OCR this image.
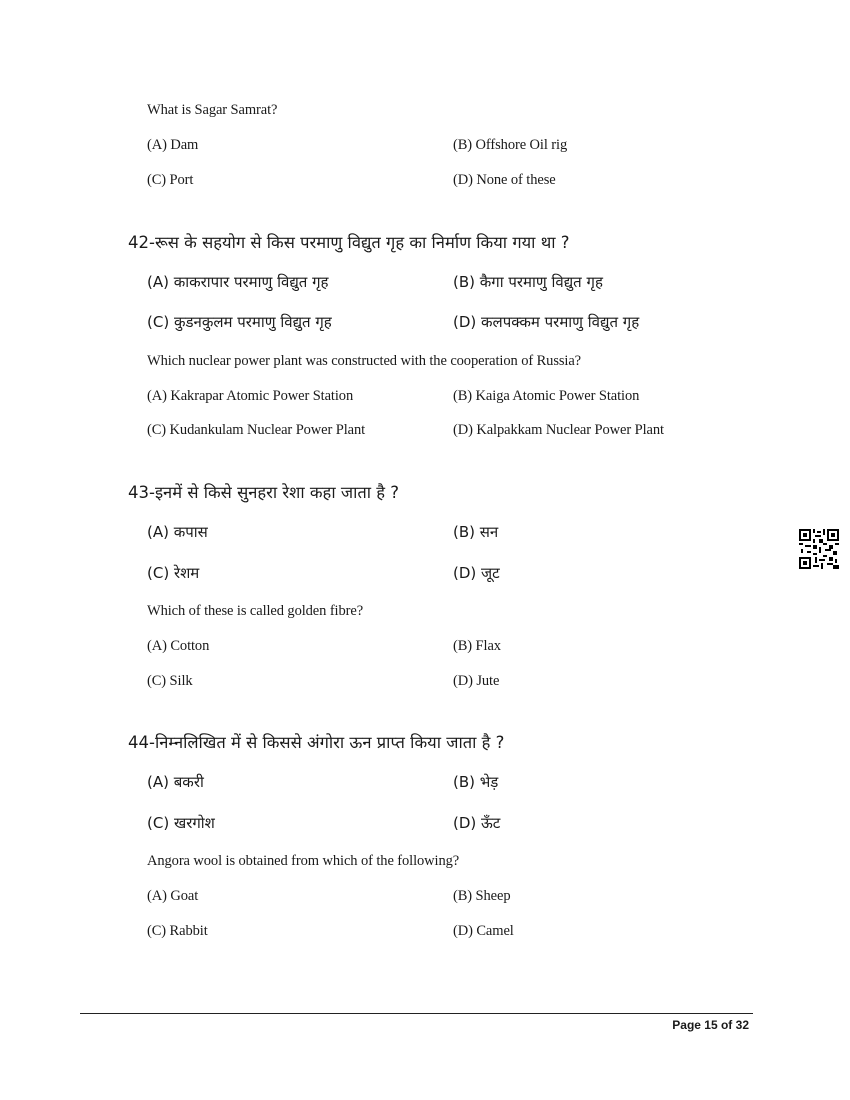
What is Sagar Samrat?
(A) Dam	(B) Offshore Oil rig
(C) Port	(D) None of these
42-रूस के सहयोग से किस परमाणु विद्युत गृह का निर्माण किया गया था ?
(A) काकरापार परमाणु विद्युत गृह	(B) कैगा परमाणु विद्युत गृह
(C) कुडनकुलम परमाणु विद्युत गृह	(D) कलपक्कम परमाणु विद्युत गृह
Which nuclear power plant was constructed with the cooperation of Russia?
(A) Kakrapar Atomic Power Station	(B) Kaiga Atomic Power Station
(C) Kudankulam Nuclear Power Plant	(D) Kalpakkam Nuclear Power Plant
43-इनमें से किसे सुनहरा रेशा कहा जाता है ?
(A) कपास	(B) सन
(C) रेशम	(D) जूट
Which of these is called golden fibre?
(A) Cotton	(B) Flax
(C) Silk	(D) Jute
44-निम्नलिखित में से किससे अंगोरा ऊन प्राप्त किया जाता है ?
(A) बकरी	(B) भेड़
(C) खरगोश	(D) ऊँट
Angora wool is obtained from which of the following?
(A) Goat	(B) Sheep
(C) Rabbit	(D) Camel
Page 15 of 32
